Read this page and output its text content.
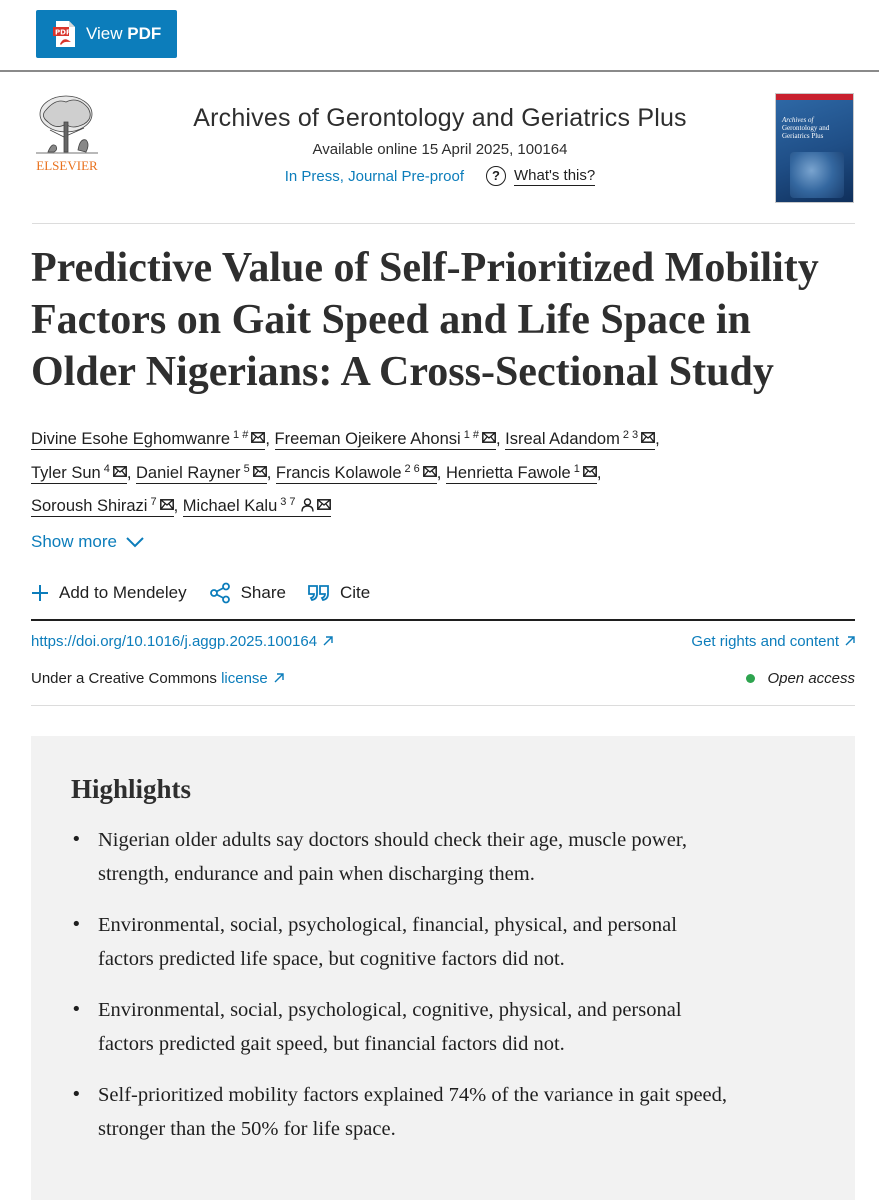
PDF View PDF
ELSEVIER
Archives of Gerontology and Geriatrics Plus
Available online 15 April 2025, 100164
In Press, Journal Pre-proof	? What's this?
Archives of
Gerontology and
Geriatrics Plus
Predictive Value of Self-Prioritized Mobility Factors on Gait Speed and Life Space in Older Nigerians: A Cross-Sectional Study
Divine Esohe Eghomwanre $^{1 \#}$ , Freeman Ojeikere Ahonsi $^{1 \#}$ , Isreal Adandom $^{2 3}$ ,
Tyler Sun $^4$ , Daniel Rayner $^5$ , Francis Kolawole $^{2 6}$ , Henrietta Fawole $^1$ ,
Soroush Shirazi $^7$ , Michael Kalu $^{3 7}$
Show more
Add to Mendeley	Share	Cite
https://doi.org/10.1016/j.aggp.2025.100164	Get rights and content
Under a Creative Commons license	Open access
Highlights
• Nigerian older adults say doctors should check their age, muscle power, strength, endurance and pain when discharging them.
• Environmental, social, psychological, financial, physical, and personal factors predicted life space, but cognitive factors did not.
• Environmental, social, psychological, cognitive, physical, and personal factors predicted gait speed, but financial factors did not.
• Self-prioritized mobility factors explained 74% of the variance in gait speed, stronger than the 50% for life space.
